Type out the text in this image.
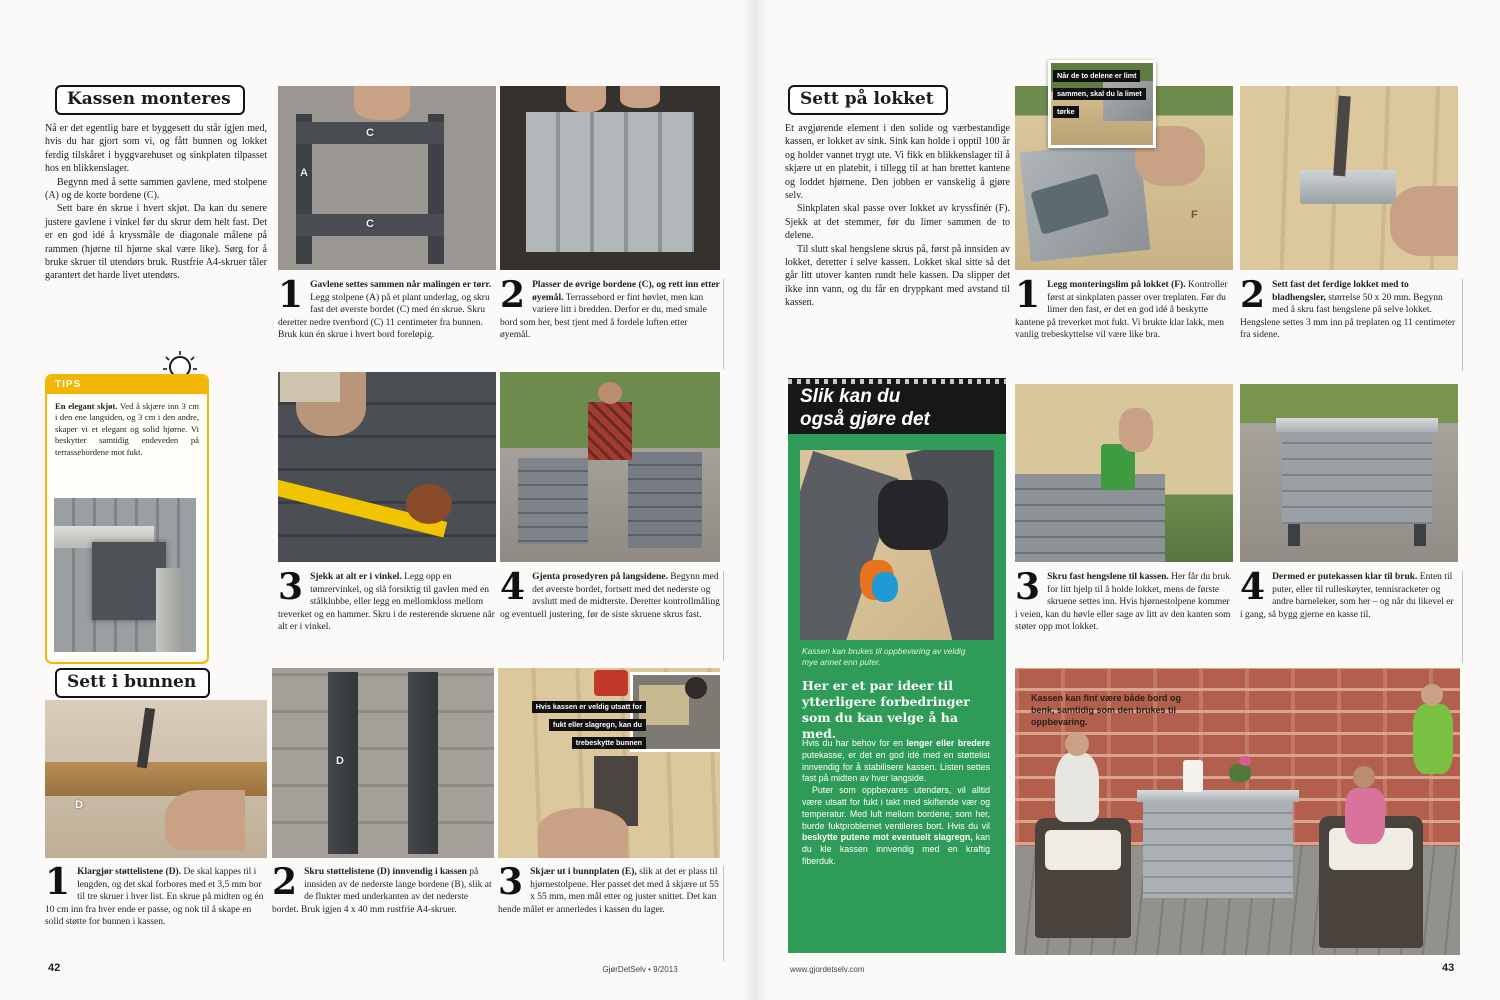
Kassen monteres

Nå er det egentlig bare et byggesett du står igjen med, hvis du har gjort som vi, og fått bunnen og lokket ferdig tilskåret i byggvarehuset og sinkplaten tilpasset hos en blikkenslager.

Begynn med å sette sammen gavlene, med stolpene (A) og de korte bordene (C).

Sett bare én skrue i hvert skjøt. Da kan du senere justere gavlene i vinkel før du skrur dem helt fast. Det er en god idé å kryssmåle de diagonale målene på rammen (hjørne til hjørne skal være like). Sørg for å bruke skruer til utendørs bruk. Rustfrie A4-skruer tåler garantert det harde livet utendørs.

TIPS
En elegant skjøt. Ved å skjære inn 3 cm i den ene langsiden, og 3 cm i den andre, skaper vi et elegant og solid hjørne. Vi beskytter samtidig endeveden på terrassebordene mot fukt.
C
A
C
1 Gavlene settes sammen når malingen er tørr. Legg stolpene (A) på et plant underlag, og skru fast det øverste bordet (C) med én skrue. Skru deretter nedre tverrbord (C) 11 centimeter fra bunnen. Bruk kun én skrue i hvert bord foreløpig.
3 Sjekk at alt er i vinkel. Legg opp en tømrervinkel, og slå forsiktig til gavlen med en stålklubbe, eller legg en mellomkloss mellom treverket og en hammer. Skru i de resterende skruene når alt er i vinkel.
2 Plasser de øvrige bordene (C), og rett inn etter øyemål. Terrassebord er fint høvlet, men kan variere litt i bredden. Derfor er du, med smale bord som her, best tjent med å fordele luften etter øyemål.
4 Gjenta prosedyren på langsidene. Begynn med det øverste bordet, fortsett med det nederste og avslutt med de midterste. Deretter kontrollmåling og eventuell justering, før de siste skruene skrus fast.
Sett i bunnen
D
1 Klargjør støttelistene (D). De skal kappes til i lengden, og det skal forbores med et 3,5 mm bor til tre skruer i hver list. En skrue på midten og én 10 cm inn fra hver ende er passe, og nok til å skape en solid støtte for bunnen i kassen.
D
2 Skru støttelistene (D) innvendig i kassen på innsiden av de nederste lange bordene (B), slik at de flukter med underkanten av det nederste bordet. Bruk igjen 4 x 40 mm rustfrie A4-skruer.
Hvis kassen er veldig utsatt for fukt eller slagregn, kan du trebeskytte bunnen
3 Skjær ut i bunnplaten (E), slik at det er plass til hjørnestolpene. Her passet det med å skjære ut 55 x 55 mm, men mål etter og juster snittet. Det kan hende målet er annerledes i kassen du lager.
42	GjørDetSelv • 9/2013
Sett på lokket

Et avgjørende element i den solide og værbestandige kassen, er lokket av sink. Sink kan holde i opptil 100 år og holder vannet trygt ute. Vi fikk en blikkenslager til å skjære ut en platebit, i tillegg til at han brettet kantene og loddet hjørnene. Den jobben er vanskelig å gjøre selv.

Sinkplaten skal passe over lokket av kryssfinér (F). Sjekk at det stemmer, før du limer sammen de to delene.

Til slutt skal hengslene skrus på, først på innsiden av lokket, deretter i selve kassen. Lokket skal sitte så det går litt utover kanten rundt hele kassen. Da slipper det ikke inn vann, og du får en dryppkant med avstand til kassen.

F
Når de to delene er limt sammen, skal du la limet tørke
1 Legg monteringslim på lokket (F). Kontroller først at sinkplaten passer over treplaten. Før du limer den fast, er det en god idé å beskytte kantene på treverket mot fukt. Vi brukte klar lakk, men vanlig trebeskyttelse vil være like bra.
3 Skru fast hengslene til kassen. Her får du bruk for litt hjelp til å holde lokket, mens de første skruene settes inn. Hvis hjørnestolpene kommer i veien, kan du høvle eller sage av litt av den kanten som støter opp mot lokket.
2 Sett fast det ferdige lokket med to bladhengsler, størrelse 50 x 20 mm. Begynn med å skru fast hengslene på selve lokket. Hengslene settes 3 mm inn på treplaten og 11 centimeter fra sidene.
4 Dermed er putekassen klar til bruk. Enten til puter, eller til rulleskøyter, tennisracketer og andre barneleker, som her – og når du likevel er i gang, så bygg gjerne en kasse til.
Slik kan du
også gjøre det
Kassen kan brukes til oppbevaring av veldig mye annet enn puter.
Her er et par ideer til ytterligere forbedringer som du kan velge å ha med.

Hvis du har behov for en lenger eller bredere putekasse, er det en god idé med en støttelist innvendig for å stabilisere kassen. Listen settes fast på midten av hver langside.

Puter som oppbevares utendørs, vil alltid være utsatt for fukt i takt med skiftende vær og temperatur. Med luft mellom bordene, som her, burde fuktproblemet ventileres bort. Hvis du vil beskytte putene mot eventuelt slagregn, kan du kle kassen innvendig med en kraftig fiberduk.

Kassen kan fint være både bord og benk, samtidig som den brukes til oppbevaring.
www.gjordetselv.com	43
